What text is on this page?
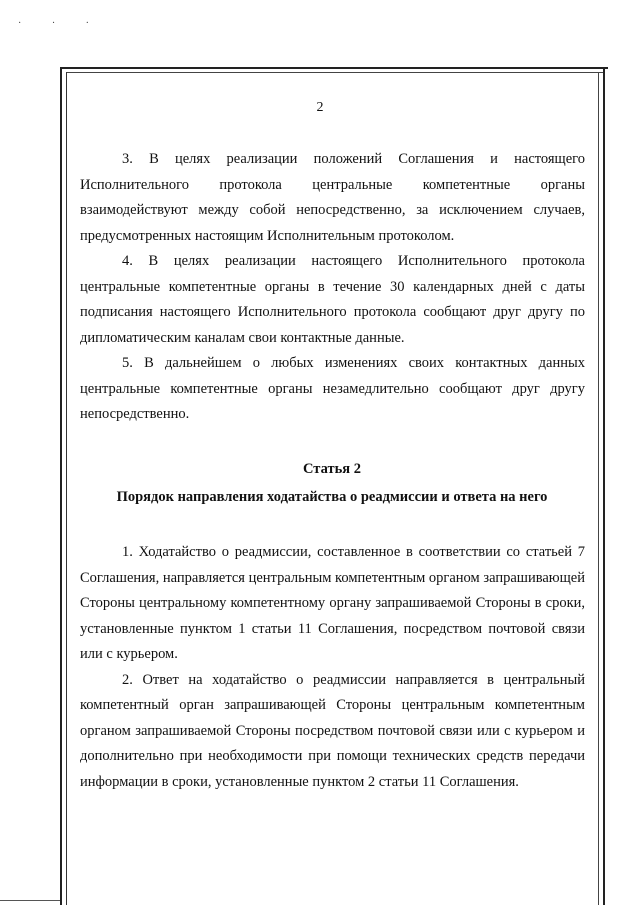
· · ·
2

3. В целях реализации положений Соглашения и настоящего Исполнительного протокола центральные компетентные органы взаимодействуют между собой непосредственно, за исключением случаев, предусмотренных настоящим Исполнительным протоколом.

4. В целях реализации настоящего Исполнительного протокола центральные компетентные органы в течение 30 календарных дней с даты подписания настоящего Исполнительного протокола сообщают друг другу по дипломатическим каналам свои контактные данные.

5. В дальнейшем о любых изменениях своих контактных данных центральные компетентные органы незамедлительно сообщают друг другу непосредственно.

Статья 2
Порядок направления ходатайства о реадмиссии и ответа на него

1. Ходатайство о реадмиссии, составленное в соответствии со статьей 7 Соглашения, направляется центральным компетентным органом запрашивающей Стороны центральному компетентному органу запрашиваемой Стороны в сроки, установленные пунктом 1 статьи 11 Соглашения, посредством почтовой связи или с курьером.

2. Ответ на ходатайство о реадмиссии направляется в центральный компетентный орган запрашивающей Стороны центральным компетентным органом запрашиваемой Стороны посредством почтовой связи или с курьером и дополнительно при необходимости при помощи технических средств передачи информации в сроки, установленные пунктом 2 статьи 11 Соглашения.
